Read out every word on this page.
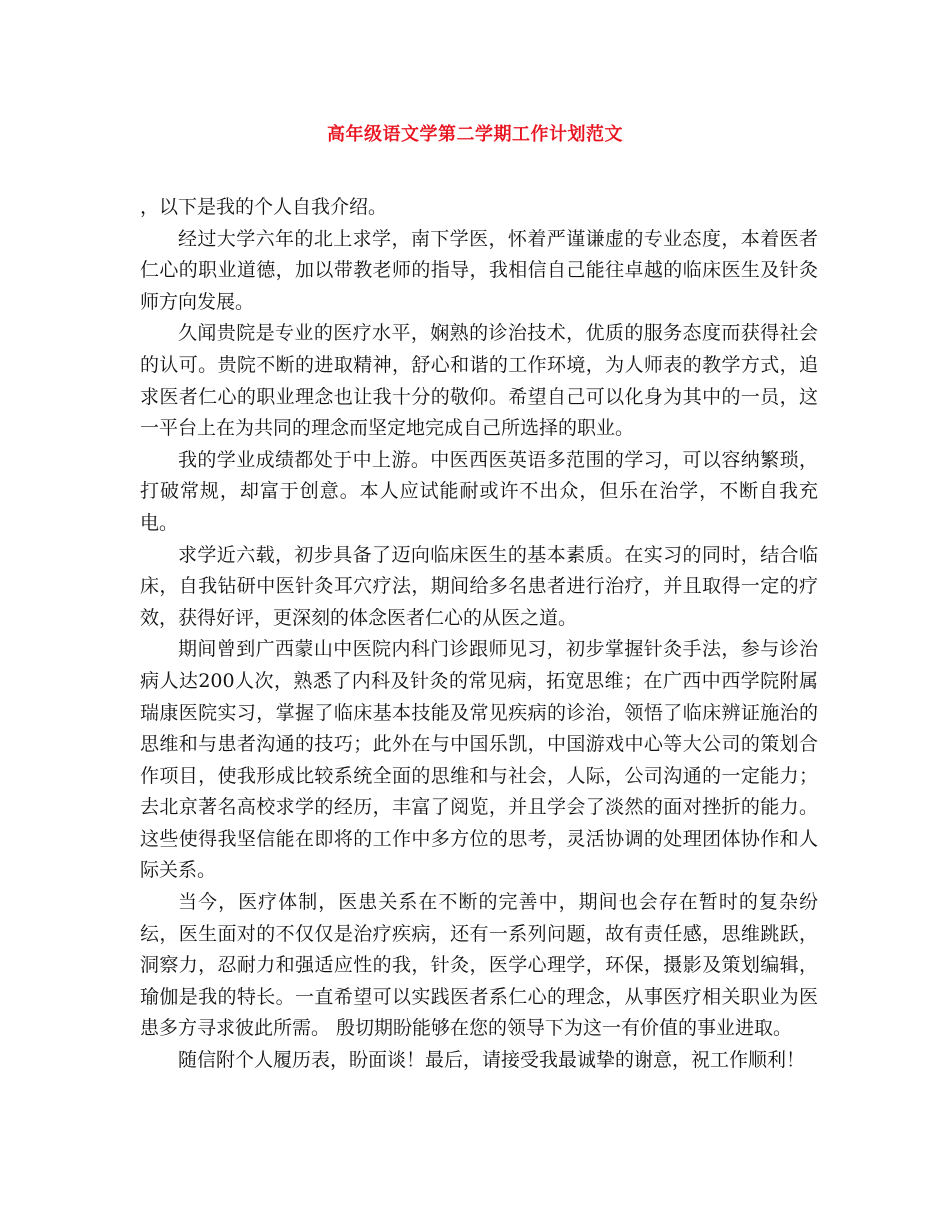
高年级语文学第二学期工作计划范文

，以下是我的个人自我介绍。

经过大学六年的北上求学，南下学医，怀着严谨谦虚的专业态度，本着医者仁心的职业道德，加以带教老师的指导，我相信自己能往卓越的临床医生及针灸师方向发展。

久闻贵院是专业的医疗水平，娴熟的诊治技术，优质的服务态度而获得社会的认可。贵院不断的进取精神，舒心和谐的工作环境，为人师表的教学方式，追求医者仁心的职业理念也让我十分的敬仰。希望自己可以化身为其中的一员，这一平台上在为共同的理念而坚定地完成自己所选择的职业。

我的学业成绩都处于中上游。中医西医英语多范围的学习，可以容纳繁琐，打破常规，却富于创意。本人应试能耐或许不出众，但乐在治学，不断自我充电。

求学近六载，初步具备了迈向临床医生的基本素质。在实习的同时，结合临床，自我钻研中医针灸耳穴疗法，期间给多名患者进行治疗，并且取得一定的疗效，获得好评，更深刻的体念医者仁心的从医之道。

期间曾到广西蒙山中医院内科门诊跟师见习，初步掌握针灸手法，参与诊治病人达200人次，熟悉了内科及针灸的常见病，拓宽思维；在广西中西学院附属瑞康医院实习，掌握了临床基本技能及常见疾病的诊治，领悟了临床辨证施治的思维和与患者沟通的技巧；此外在与中国乐凯，中国游戏中心等大公司的策划合作项目，使我形成比较系统全面的思维和与社会，人际，公司沟通的一定能力；去北京著名高校求学的经历，丰富了阅览，并且学会了淡然的面对挫折的能力。这些使得我坚信能在即将的工作中多方位的思考，灵活协调的处理团体协作和人际关系。

当今，医疗体制，医患关系在不断的完善中，期间也会存在暂时的复杂纷纭，医生面对的不仅仅是治疗疾病，还有一系列问题，故有责任感，思维跳跃，洞察力，忍耐力和强适应性的我，针灸，医学心理学，环保，摄影及策划编辑，瑜伽是我的特长。一直希望可以实践医者系仁心的理念，从事医疗相关职业为医患多方寻求彼此所需。 殷切期盼能够在您的领导下为这一有价值的事业进取。

随信附个人履历表，盼面谈！最后，请接受我最诚挚的谢意，祝工作顺利！
